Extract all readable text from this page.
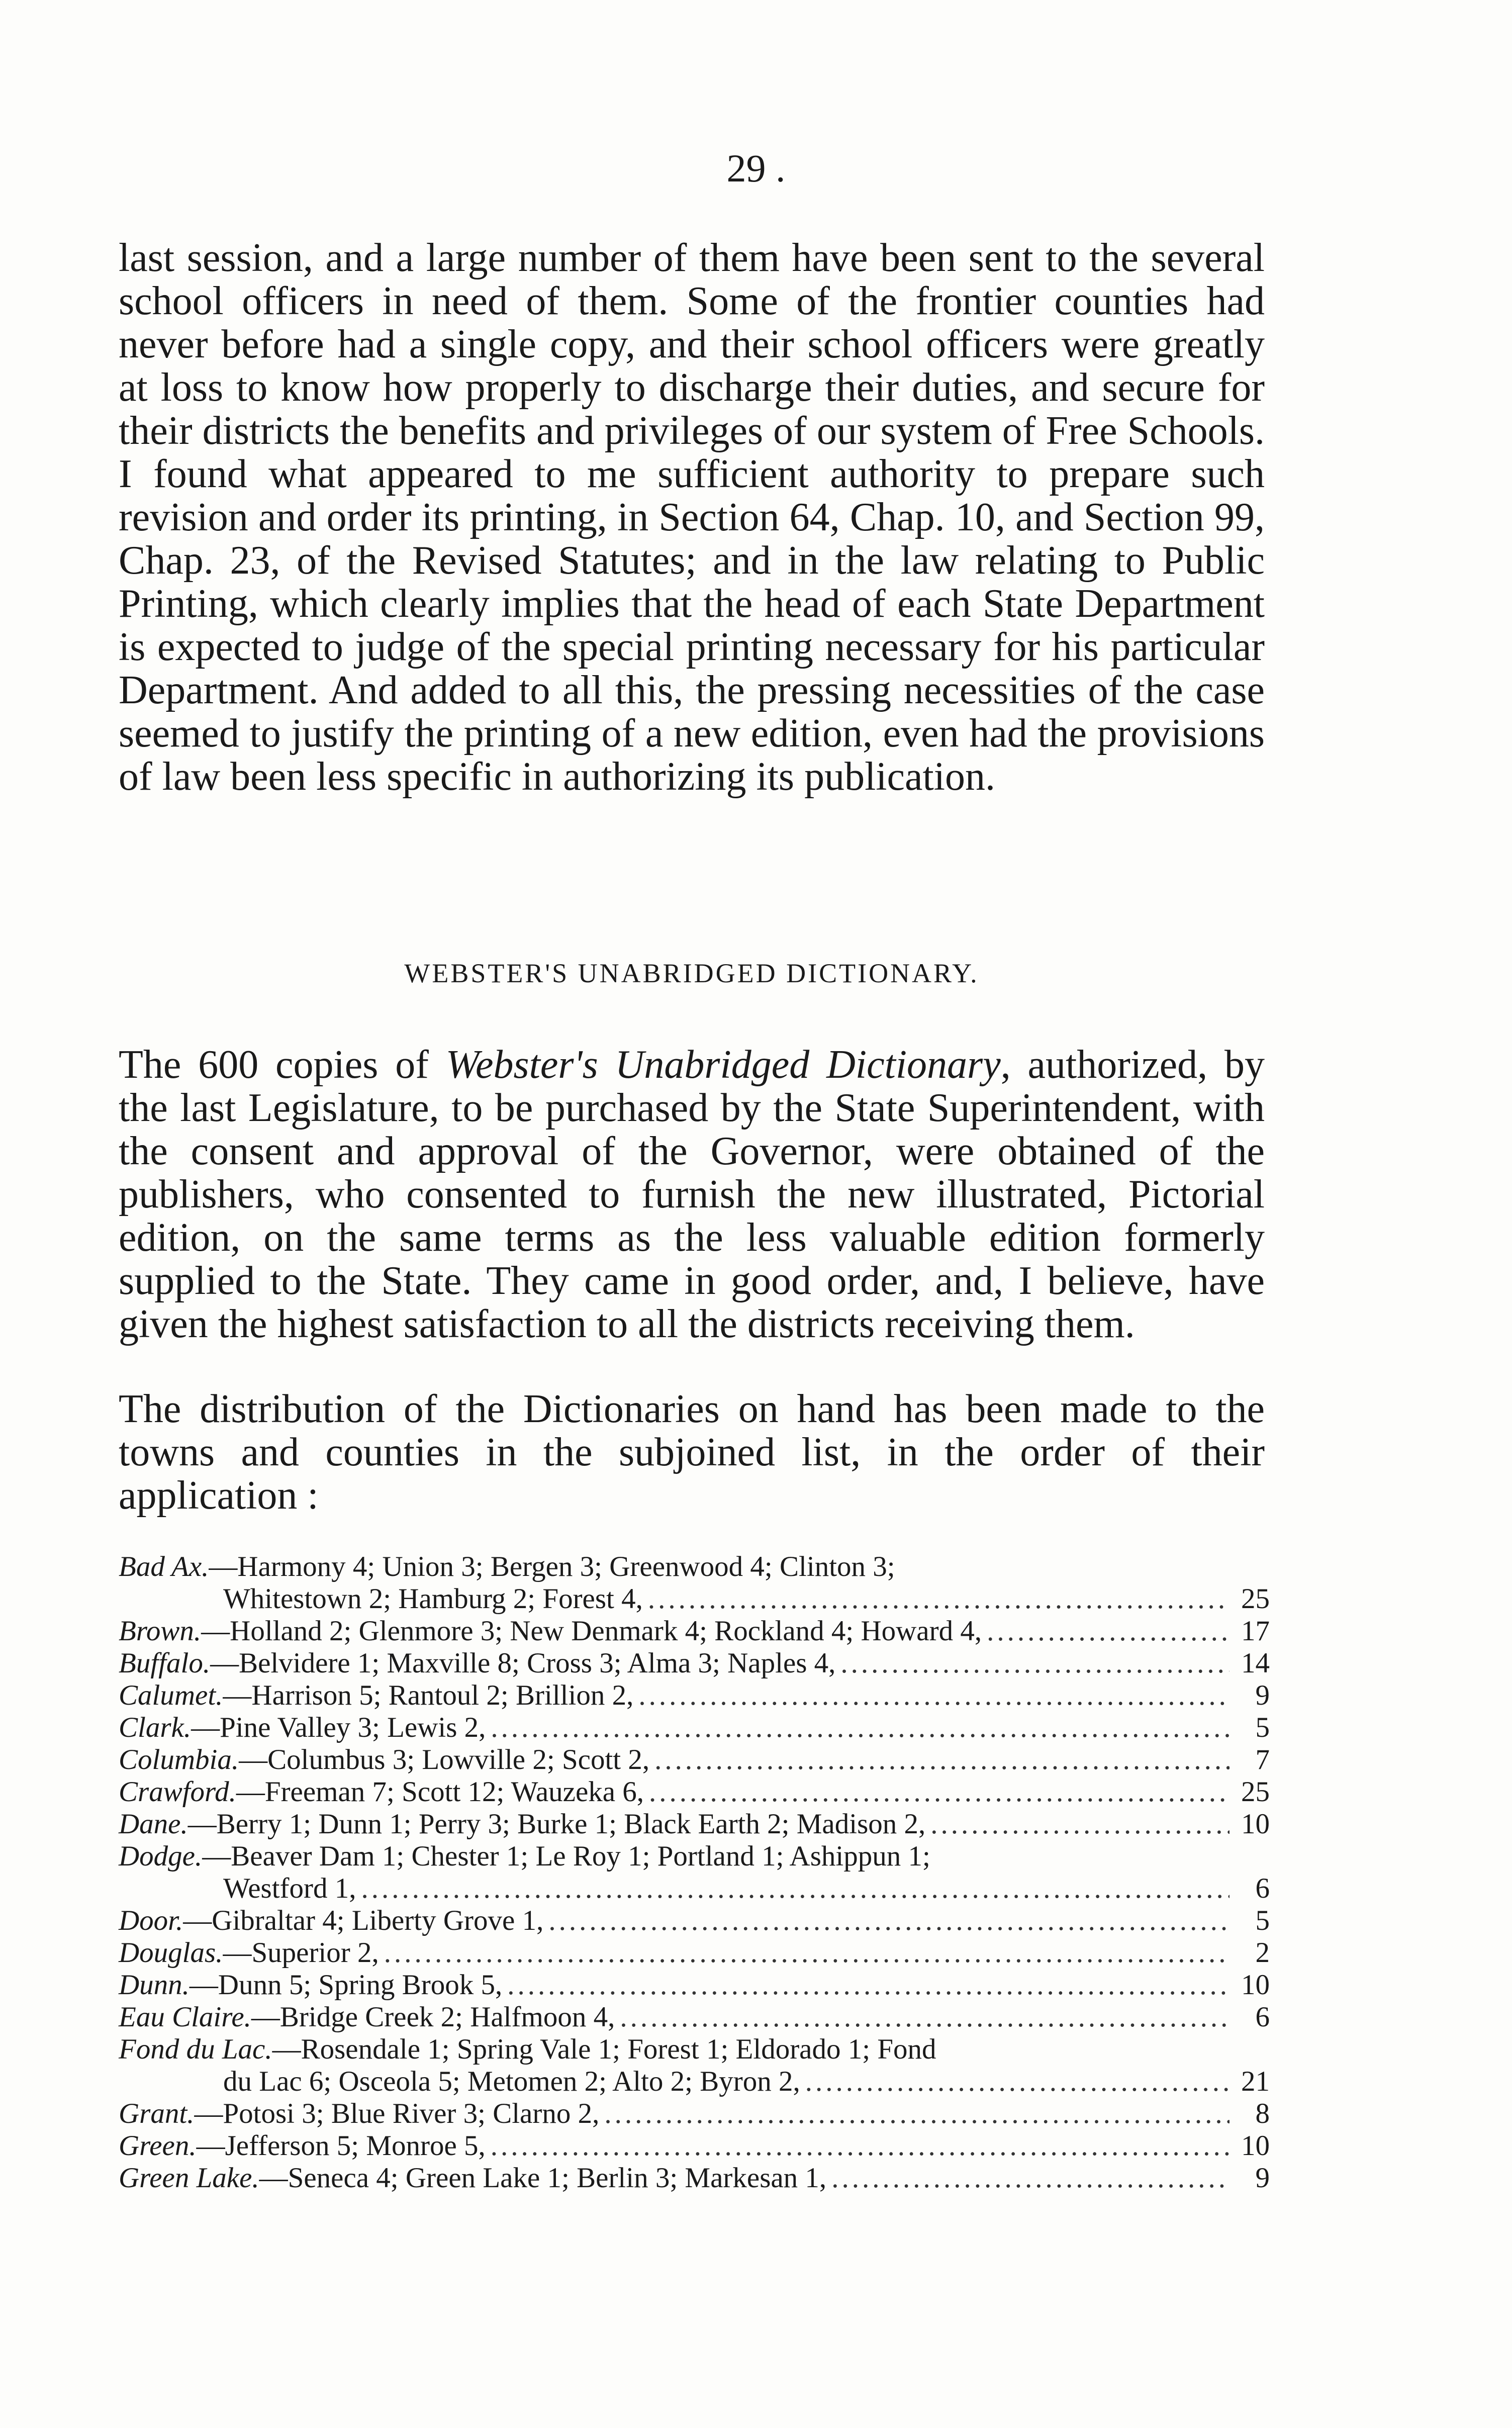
29 .

last session, and a large number of them have been sent to the several school officers in need of them. Some of the frontier counties had never before had a single copy, and their school officers were greatly at loss to know how properly to discharge their duties, and secure for their districts the benefits and privileges of our system of Free Schools. I found what appeared to me sufficient authority to prepare such revision and order its printing, in Section 64, Chap. 10, and Section 99, Chap. 23, of the Revised Statutes; and in the law relating to Public Printing, which clearly implies that the head of each State Department is expected to judge of the special printing necessary for his particular Department. And added to all this, the pressing necessities of the case seemed to justify the printing of a new edition, even had the provisions of law been less specific in authorizing its publication.

WEBSTER'S UNABRIDGED DICTIONARY.

The 600 copies of Webster's Unabridged Dictionary, authorized, by the last Legislature, to be purchased by the State Superintendent, with the consent and approval of the Governor, were obtained of the publishers, who consented to furnish the new illustrated, Pictorial edition, on the same terms as the less valuable edition formerly supplied to the State. They came in good order, and, I believe, have given the highest satisfaction to all the districts receiving them.

The distribution of the Dictionaries on hand has been made to the towns and counties in the subjoined list, in the order of their application :

Bad Ax.—Harmony 4; Union 3; Bergen 3; Greenwood 4; Clinton 3;
Whitestown 2; Hamburg 2; Forest 4, .....	25
Brown.—Holland 2; Glenmore 3; New Denmark 4; Rockland 4; Howard 4, .....	17
Buffalo.—Belvidere 1; Maxville 8; Cross 3; Alma 3; Naples 4, .....	14
Calumet.—Harrison 5; Rantoul 2; Brillion 2, .....	9
Clark.—Pine Valley 3; Lewis 2, .....	5
Columbia.—Columbus 3; Lowville 2; Scott 2, .....	7
Crawford.—Freeman 7; Scott 12; Wauzeka 6, .....	25
Dane.—Berry 1; Dunn 1; Perry 3; Burke 1; Black Earth 2; Madison 2, .....	10
Dodge.—Beaver Dam 1; Chester 1; Le Roy 1; Portland 1; Ashippun 1;
Westford 1, .....	6
Door.—Gibraltar 4; Liberty Grove 1, .....	5
Douglas.—Superior 2, .....	2
Dunn.—Dunn 5; Spring Brook 5, .....	10
Eau Claire.—Bridge Creek 2; Halfmoon 4, .....	6
Fond du Lac.—Rosendale 1; Spring Vale 1; Forest 1; Eldorado 1; Fond
du Lac 6; Osceola 5; Metomen 2; Alto 2; Byron 2, .....	21
Grant.—Potosi 3; Blue River 3; Clarno 2, .....	8
Green.—Jefferson 5; Monroe 5, .....	10
Green Lake.—Seneca 4; Green Lake 1; Berlin 3; Markesan 1, .....	9
